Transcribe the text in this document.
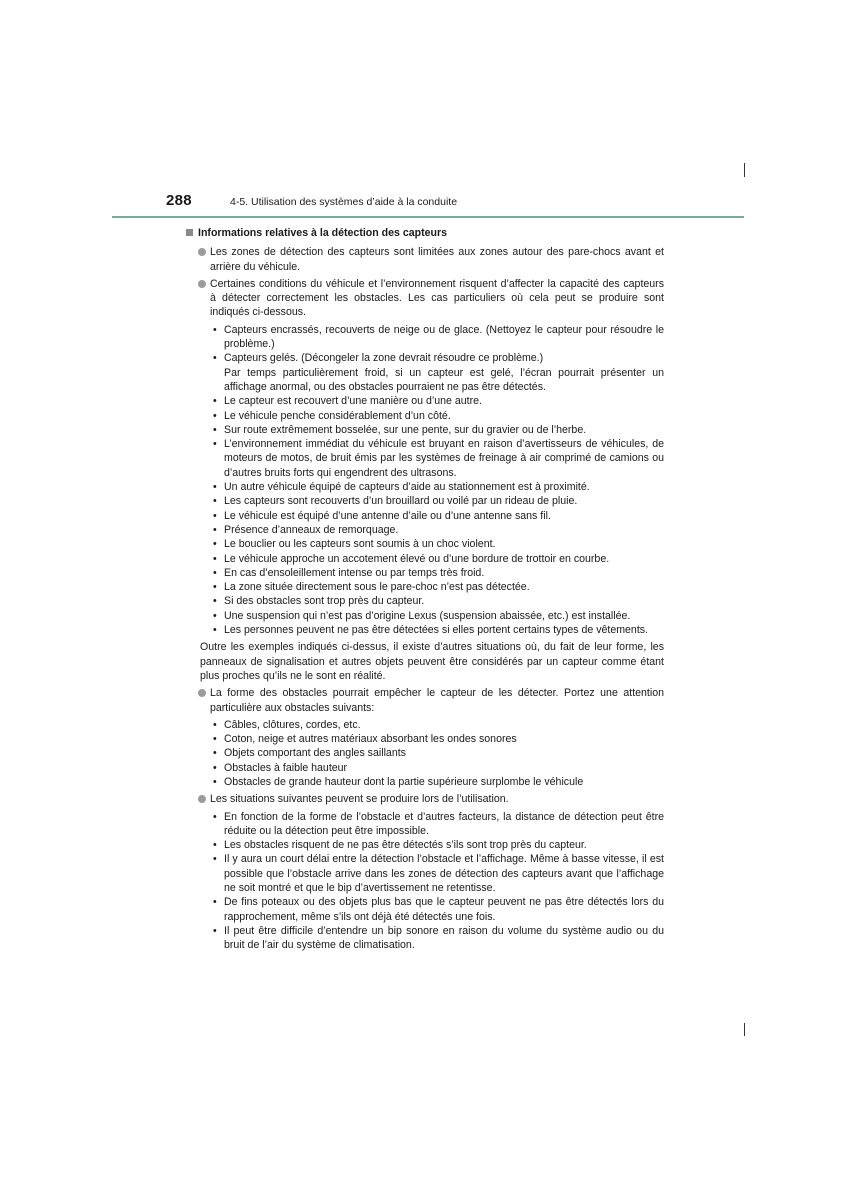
288	4-5. Utilisation des systèmes d’aide à la conduite
Informations relatives à la détection des capteurs
Les zones de détection des capteurs sont limitées aux zones autour des pare-chocs avant et arrière du véhicule.
Certaines conditions du véhicule et l’environnement risquent d’affecter la capacité des capteurs à détecter correctement les obstacles. Les cas particuliers où cela peut se produire sont indiqués ci-dessous.
• Capteurs encrassés, recouverts de neige ou de glace. (Nettoyez le capteur pour résoudre le problème.)
• Capteurs gelés. (Décongeler la zone devrait résoudre ce problème.)
Par temps particulièrement froid, si un capteur est gelé, l’écran pourrait présenter un affichage anormal, ou des obstacles pourraient ne pas être détectés.
• Le capteur est recouvert d’une manière ou d’une autre.
• Le véhicule penche considérablement d’un côté.
• Sur route extrêmement bosselée, sur une pente, sur du gravier ou de l’herbe.
• L’environnement immédiat du véhicule est bruyant en raison d’avertisseurs de véhicules, de moteurs de motos, de bruit émis par les systèmes de freinage à air comprimé de camions ou d’autres bruits forts qui engendrent des ultrasons.
• Un autre véhicule équipé de capteurs d’aide au stationnement est à proximité.
• Les capteurs sont recouverts d’un brouillard ou voilé par un rideau de pluie.
• Le véhicule est équipé d’une antenne d’aile ou d’une antenne sans fil.
• Présence d’anneaux de remorquage.
• Le bouclier ou les capteurs sont soumis à un choc violent.
• Le véhicule approche un accotement élevé ou d’une bordure de trottoir en courbe.
• En cas d’ensoleillement intense ou par temps très froid.
• La zone située directement sous le pare-choc n’est pas détectée.
• Si des obstacles sont trop près du capteur.
• Une suspension qui n’est pas d’origine Lexus (suspension abaissée, etc.) est installée.
• Les personnes peuvent ne pas être détectées si elles portent certains types de vêtements.
Outre les exemples indiqués ci-dessus, il existe d’autres situations où, du fait de leur forme, les panneaux de signalisation et autres objets peuvent être considérés par un capteur comme étant plus proches qu’ils ne le sont en réalité.
La forme des obstacles pourrait empêcher le capteur de les détecter. Portez une attention particulière aux obstacles suivants:
• Câbles, clôtures, cordes, etc.
• Coton, neige et autres matériaux absorbant les ondes sonores
• Objets comportant des angles saillants
• Obstacles à faible hauteur
• Obstacles de grande hauteur dont la partie supérieure surplombe le véhicule
Les situations suivantes peuvent se produire lors de l’utilisation.
• En fonction de la forme de l’obstacle et d’autres facteurs, la distance de détection peut être réduite ou la détection peut être impossible.
• Les obstacles risquent de ne pas être détectés s’ils sont trop près du capteur.
• Il y aura un court délai entre la détection l’obstacle et l’affichage. Même à basse vitesse, il est possible que l’obstacle arrive dans les zones de détection des capteurs avant que l’affichage ne soit montré et que le bip d’avertissement ne retentisse.
• De fins poteaux ou des objets plus bas que le capteur peuvent ne pas être détectés lors du rapprochement, même s’ils ont déjà été détectés une fois.
• Il peut être difficile d’entendre un bip sonore en raison du volume du système audio ou du bruit de l’air du système de climatisation.
